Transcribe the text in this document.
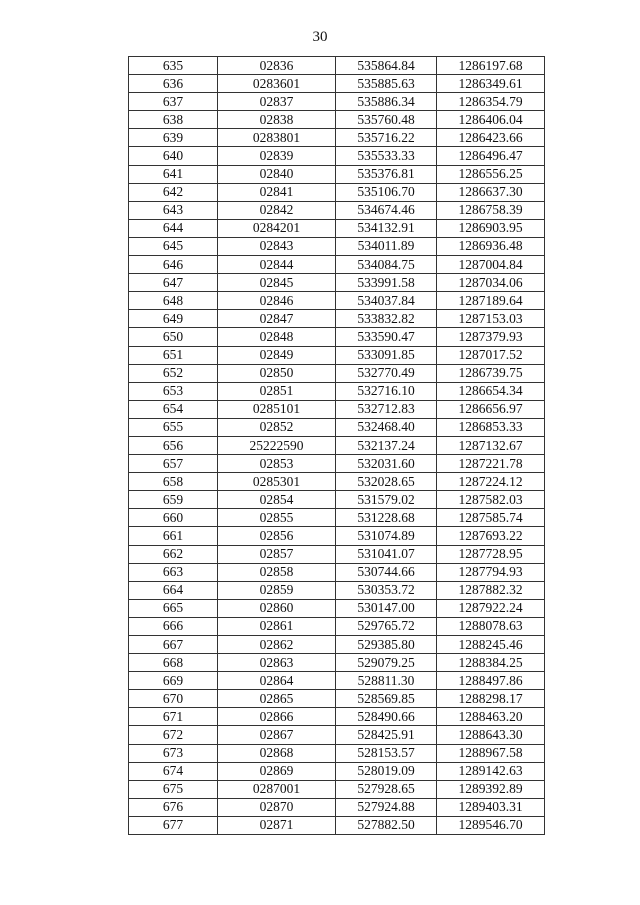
30
635	02836	535864.84	1286197.68
636	0283601	535885.63	1286349.61
637	02837	535886.34	1286354.79
638	02838	535760.48	1286406.04
639	0283801	535716.22	1286423.66
640	02839	535533.33	1286496.47
641	02840	535376.81	1286556.25
642	02841	535106.70	1286637.30
643	02842	534674.46	1286758.39
644	0284201	534132.91	1286903.95
645	02843	534011.89	1286936.48
646	02844	534084.75	1287004.84
647	02845	533991.58	1287034.06
648	02846	534037.84	1287189.64
649	02847	533832.82	1287153.03
650	02848	533590.47	1287379.93
651	02849	533091.85	1287017.52
652	02850	532770.49	1286739.75
653	02851	532716.10	1286654.34
654	0285101	532712.83	1286656.97
655	02852	532468.40	1286853.33
656	25222590	532137.24	1287132.67
657	02853	532031.60	1287221.78
658	0285301	532028.65	1287224.12
659	02854	531579.02	1287582.03
660	02855	531228.68	1287585.74
661	02856	531074.89	1287693.22
662	02857	531041.07	1287728.95
663	02858	530744.66	1287794.93
664	02859	530353.72	1287882.32
665	02860	530147.00	1287922.24
666	02861	529765.72	1288078.63
667	02862	529385.80	1288245.46
668	02863	529079.25	1288384.25
669	02864	528811.30	1288497.86
670	02865	528569.85	1288298.17
671	02866	528490.66	1288463.20
672	02867	528425.91	1288643.30
673	02868	528153.57	1288967.58
674	02869	528019.09	1289142.63
675	0287001	527928.65	1289392.89
676	02870	527924.88	1289403.31
677	02871	527882.50	1289546.70
